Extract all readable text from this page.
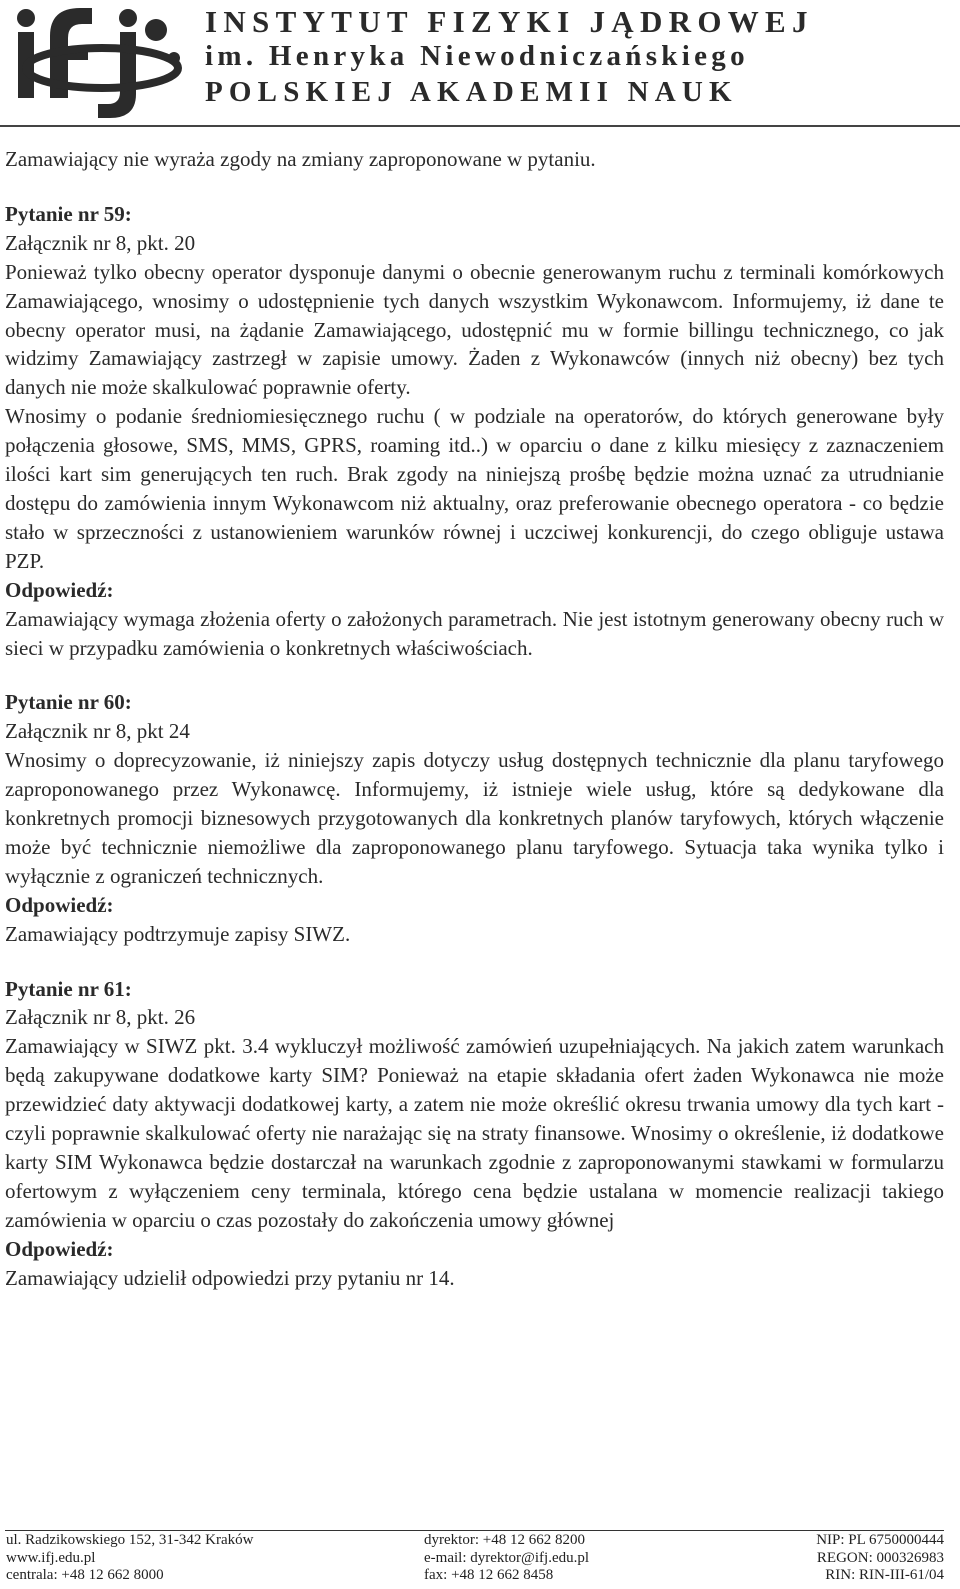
INSTYTUT FIZYKI JĄDROWEJ

im. Henryka Niewodniczańskiego

POLSKIEJ AKADEMII NAUK

Zamawiający nie wyraża zgody na zmiany zaproponowane w pytaniu.

Pytanie nr 59:

Załącznik nr 8, pkt. 20

Ponieważ tylko obecny operator dysponuje danymi o obecnie generowanym ruchu z terminali komórkowych Zamawiającego, wnosimy o udostępnienie tych danych wszystkim Wykonawcom. Informujemy, iż dane te obecny operator musi, na żądanie Zamawiającego, udostępnić mu w formie billingu technicznego, co jak widzimy Zamawiający zastrzegł w zapisie umowy. Żaden z Wykonawców (innych niż obecny) bez tych danych nie może skalkulować poprawnie oferty.

Wnosimy o podanie średniomiesięcznego ruchu ( w podziale na operatorów, do których generowane były połączenia głosowe, SMS, MMS, GPRS, roaming itd..) w oparciu o dane z kilku miesięcy z zaznaczeniem ilości kart sim generujących ten ruch. Brak zgody na niniejszą prośbę będzie można uznać za utrudnianie dostępu do zamówienia innym Wykonawcom niż aktualny, oraz preferowanie obecnego operatora - co będzie stało w sprzeczności z ustanowieniem warunków równej i uczciwej konkurencji, do czego obliguje ustawa PZP.

Odpowiedź:

Zamawiający wymaga złożenia oferty o założonych parametrach. Nie jest istotnym generowany obecny ruch w sieci w przypadku zamówienia o konkretnych właściwościach.

Pytanie nr 60:

Załącznik nr 8, pkt 24

Wnosimy o doprecyzowanie, iż niniejszy zapis dotyczy usług dostępnych technicznie dla planu taryfowego zaproponowanego przez Wykonawcę. Informujemy, iż istnieje wiele usług, które są dedykowane dla konkretnych promocji biznesowych przygotowanych dla konkretnych planów taryfowych, których włączenie może być technicznie niemożliwe dla zaproponowanego planu taryfowego. Sytuacja taka wynika tylko i wyłącznie z ograniczeń technicznych.

Odpowiedź:

Zamawiający podtrzymuje zapisy SIWZ.

Pytanie nr 61:

Załącznik nr 8, pkt. 26

Zamawiający w SIWZ pkt. 3.4 wykluczył możliwość zamówień uzupełniających. Na jakich zatem warunkach będą zakupywane dodatkowe karty SIM? Ponieważ na etapie składania ofert żaden Wykonawca nie może przewidzieć daty aktywacji dodatkowej karty, a zatem nie może określić okresu trwania umowy dla tych kart - czyli poprawnie skalkulować oferty nie narażając się na straty finansowe. Wnosimy o określenie, iż dodatkowe karty SIM Wykonawca będzie dostarczał na warunkach zgodnie z zaproponowanymi stawkami w formularzu ofertowym z wyłączeniem ceny terminala, którego cena będzie ustalana w momencie realizacji takiego zamówienia w oparciu o czas pozostały do zakończenia umowy głównej

Odpowiedź:

Zamawiający udzielił odpowiedzi przy pytaniu nr 14.

ul. Radzikowskiego 152, 31-342 Kraków
www.ifj.edu.pl
centrala: +48 12 662 8000
dyrektor: +48 12 662 8200
e-mail: dyrektor@ifj.edu.pl
fax: +48 12 662 8458
NIP: PL 6750000444
REGON: 000326983
RIN: RIN-III-61/04
